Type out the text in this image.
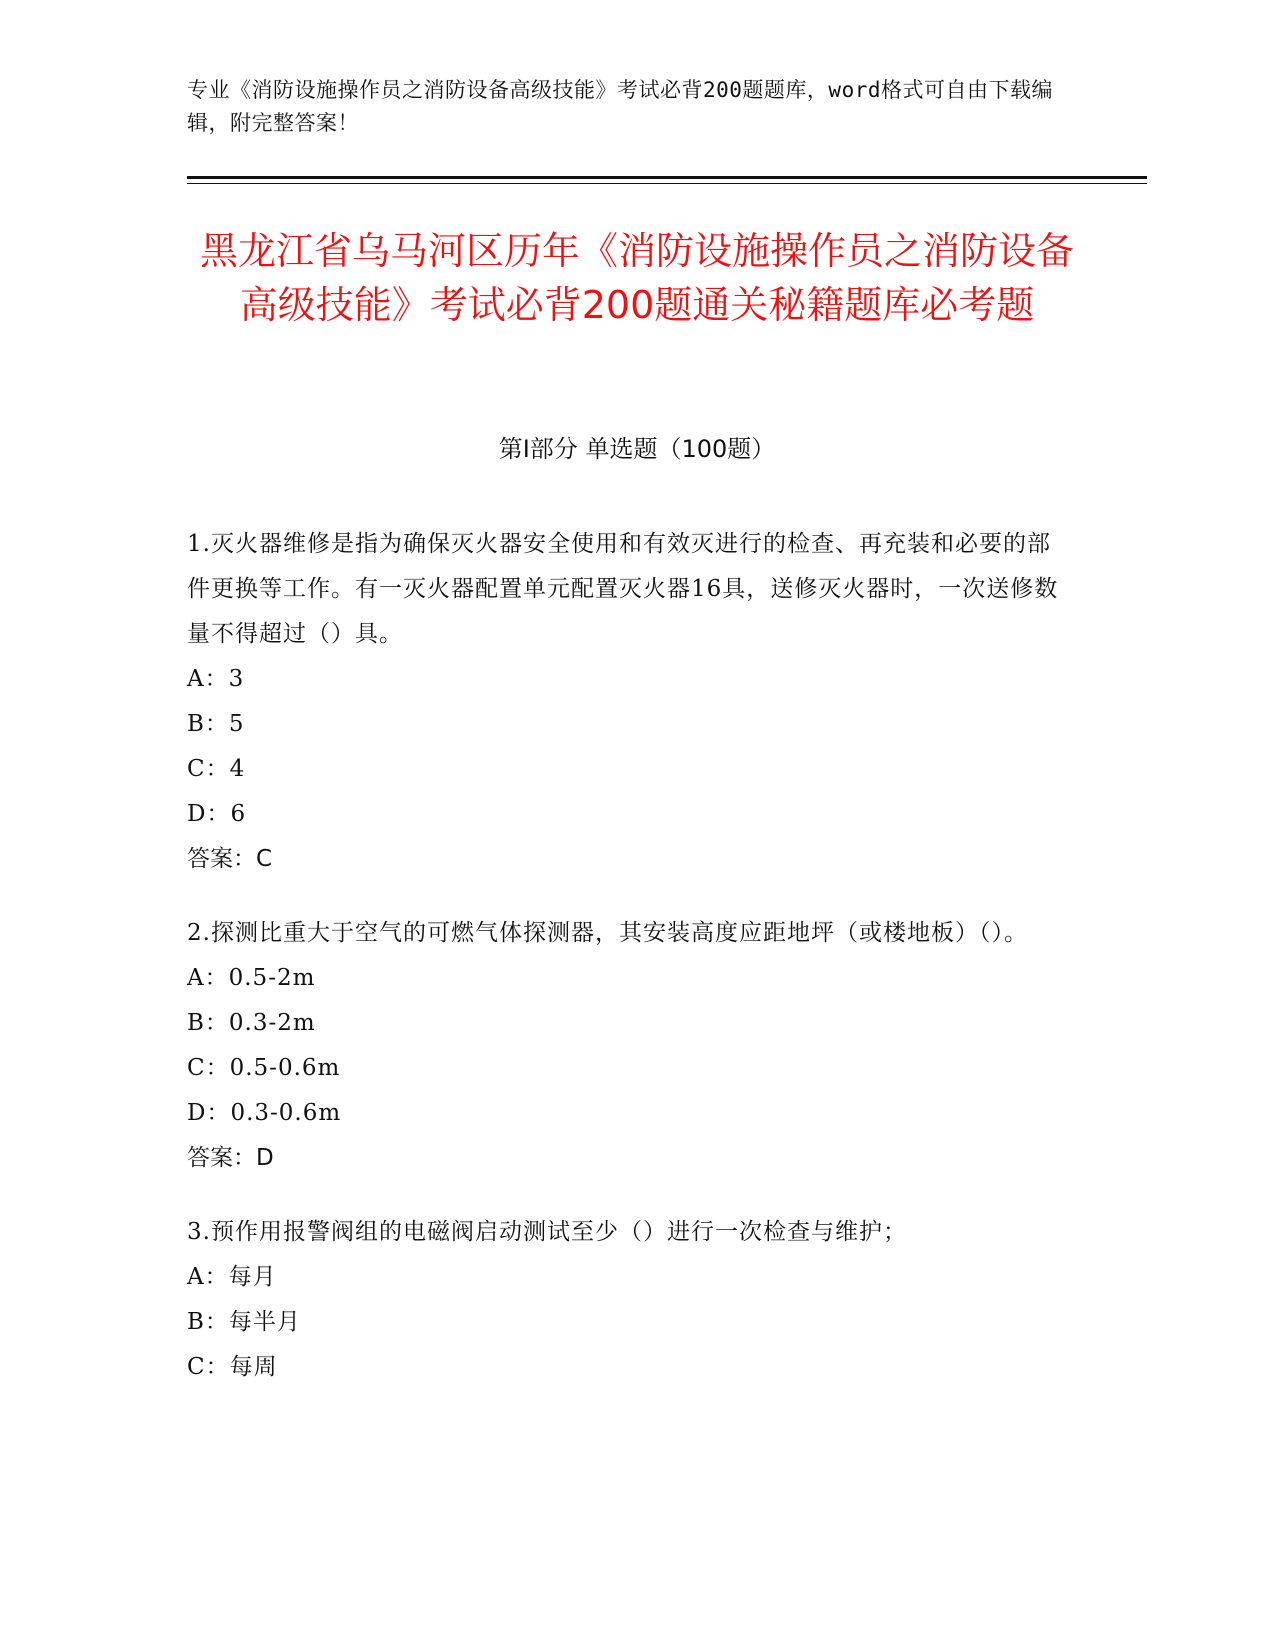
专业《消防设施操作员之消防设备高级技能》考试必背200题题库，word格式可自由下载编辑，附完整答案！
黑龙江省乌马河区历年《消防设施操作员之消防设备高级技能》考试必背200题通关秘籍题库必考题
第Ⅰ部分 单选题（100题）

1.灭火器维修是指为确保灭火器安全使用和有效灭进行的检查、再充装和必要的部件更换等工作。有一灭火器配置单元配置灭火器16具，送修灭火器时，一次送修数量不得超过（）具。

A：3

B：5

C：4

D：6

答案：C

2.探测比重大于空气的可燃气体探测器，其安装高度应距地坪（或楼地板）（）。

A：0.5-2m

B：0.3-2m

C：0.5-0.6m

D：0.3-0.6m

答案：D

3.预作用报警阀组的电磁阀启动测试至少（）进行一次检查与维护；

A：每月

B：每半月

C：每周
